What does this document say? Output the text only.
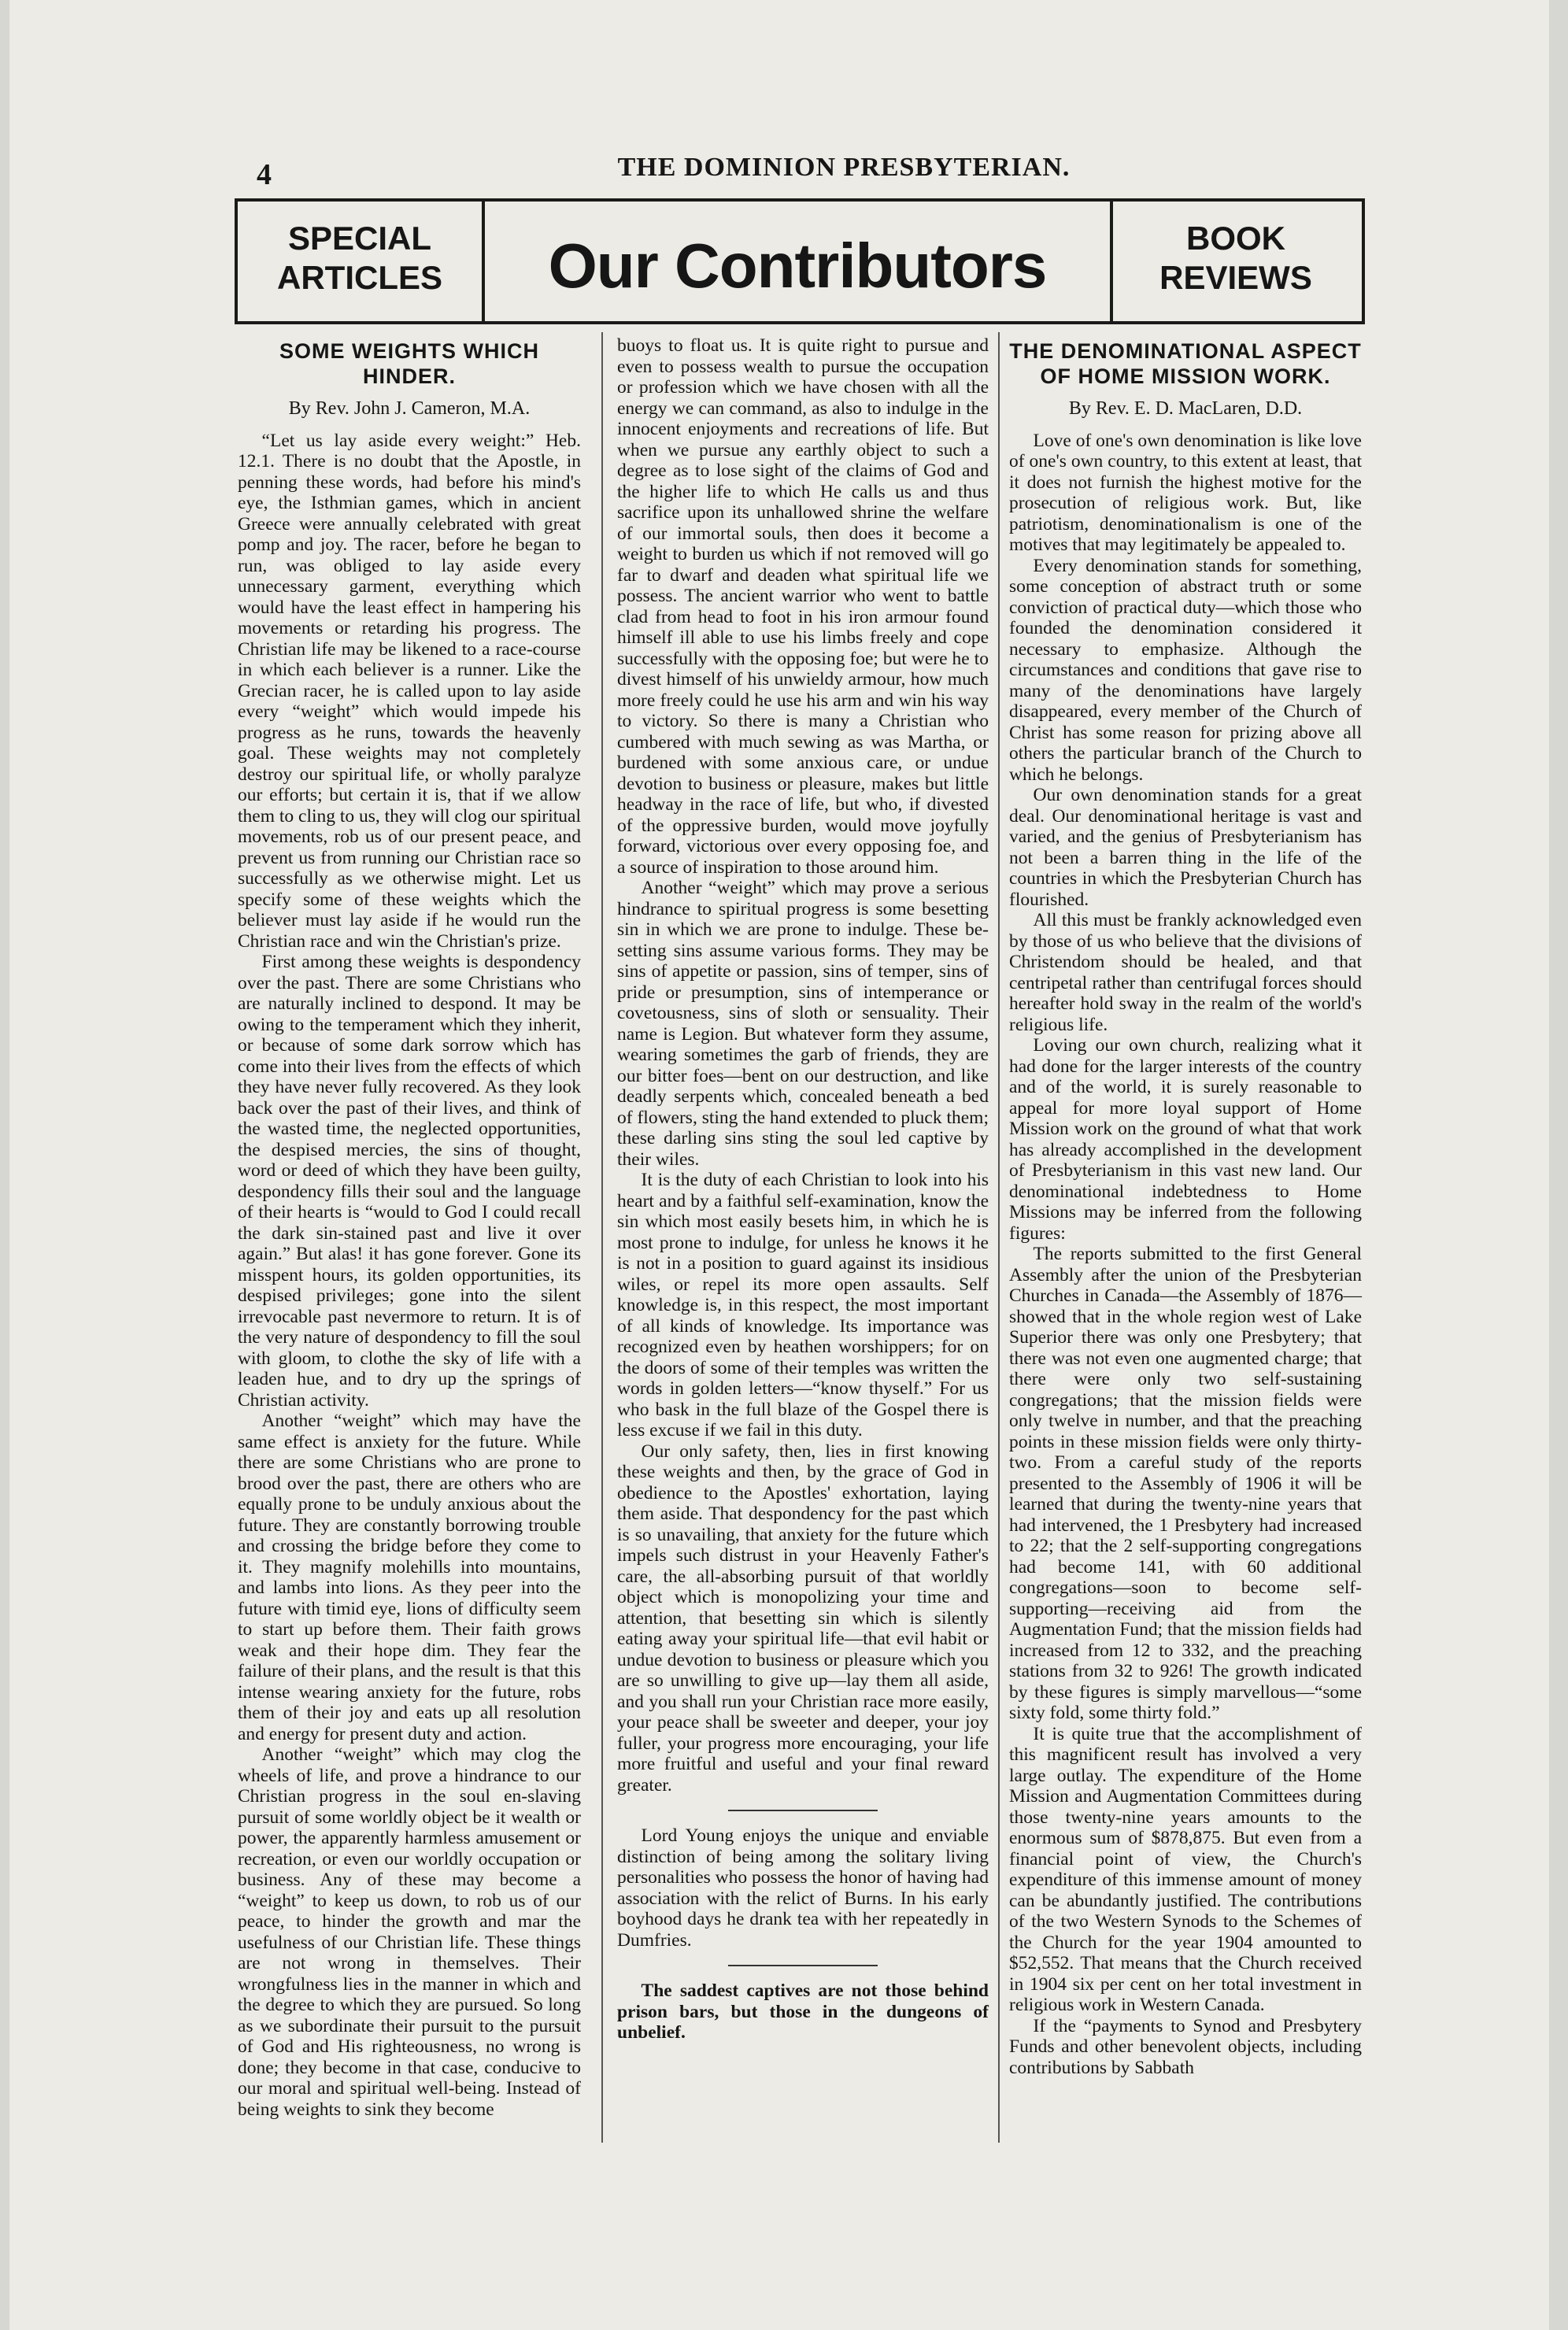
4	THE DOMINION PRESBYTERIAN.
SPECIAL
ARTICLES	Our Contributors	BOOK
REVIEWS
SOME WEIGHTS WHICH HINDER.
By Rev. John J. Cameron, M.A.

“Let us lay aside every weight:” Heb. 12.1. There is no doubt that the Apostle, in penning these words, had before his mind's eye, the Isthmian games, which in ancient Greece were annually celebrated with great pomp and joy. The racer, before he began to run, was obliged to lay aside every unnecessary garment, everything which would have the least effect in hampering his movements or retarding his progress. The Christian life may be likened to a race-course in which each believer is a runner. Like the Grecian racer, he is called upon to lay aside every “weight” which would impede his progress as he runs, towards the heavenly goal. These weights may not completely destroy our spiritual life, or wholly paralyze our efforts; but certain it is, that if we allow them to cling to us, they will clog our spiritual movements, rob us of our present peace, and prevent us from running our Christian race so successfully as we otherwise might. Let us specify some of these weights which the believer must lay aside if he would run the Christian race and win the Christian's prize.

First among these weights is despondency over the past. There are some Christians who are naturally inclined to despond. It may be owing to the temperament which they inherit, or because of some dark sorrow which has come into their lives from the effects of which they have never fully recovered. As they look back over the past of their lives, and think of the wasted time, the neglected opportunities, the despised mercies, the sins of thought, word or deed of which they have been guilty, despondency fills their soul and the language of their hearts is “would to God I could recall the dark sin-stained past and live it over again.” But alas! it has gone forever. Gone its misspent hours, its golden opportunities, its despised privileges; gone into the silent irrevocable past nevermore to return. It is of the very nature of despondency to fill the soul with gloom, to clothe the sky of life with a leaden hue, and to dry up the springs of Christian activity.

Another “weight” which may have the same effect is anxiety for the future. While there are some Christians who are prone to brood over the past, there are others who are equally prone to be unduly anxious about the future. They are constantly borrowing trouble and crossing the bridge before they come to it. They magnify molehills into mountains, and lambs into lions. As they peer into the future with timid eye, lions of difficulty seem to start up before them. Their faith grows weak and their hope dim. They fear the failure of their plans, and the result is that this intense wearing anxiety for the future, robs them of their joy and eats up all resolution and energy for present duty and action.

Another “weight” which may clog the wheels of life, and prove a hindrance to our Christian progress in the soul en-slaving pursuit of some worldly object be it wealth or power, the apparently harmless amusement or recreation, or even our worldly occupation or business. Any of these may become a “weight” to keep us down, to rob us of our peace, to hinder the growth and mar the usefulness of our Christian life. These things are not wrong in themselves. Their wrongfulness lies in the manner in which and the degree to which they are pursued. So long as we subordinate their pursuit to the pursuit of God and His righteousness, no wrong is done; they become in that case, conducive to our moral and spiritual well-being. Instead of being weights to sink they become

buoys to float us. It is quite right to pursue and even to possess wealth to pursue the occupation or profession which we have chosen with all the energy we can command, as also to indulge in the innocent enjoyments and recreations of life. But when we pursue any earthly object to such a degree as to lose sight of the claims of God and the higher life to which He calls us and thus sacrifice upon its unhallowed shrine the welfare of our immortal souls, then does it become a weight to burden us which if not removed will go far to dwarf and deaden what spiritual life we possess. The ancient warrior who went to battle clad from head to foot in his iron armour found himself ill able to use his limbs freely and cope successfully with the opposing foe; but were he to divest himself of his unwieldy armour, how much more freely could he use his arm and win his way to victory. So there is many a Christian who cumbered with much sewing as was Martha, or burdened with some anxious care, or undue devotion to business or pleasure, makes but little headway in the race of life, but who, if divested of the oppressive burden, would move joyfully forward, victorious over every opposing foe, and a source of inspiration to those around him.

Another “weight” which may prove a serious hindrance to spiritual progress is some besetting sin in which we are prone to indulge. These be-setting sins assume various forms. They may be sins of appetite or passion, sins of temper, sins of pride or presumption, sins of intemperance or covetousness, sins of sloth or sensuality. Their name is Legion. But whatever form they assume, wearing sometimes the garb of friends, they are our bitter foes—bent on our destruction, and like deadly serpents which, concealed beneath a bed of flowers, sting the hand extended to pluck them; these darling sins sting the soul led captive by their wiles.

It is the duty of each Christian to look into his heart and by a faithful self-examination, know the sin which most easily besets him, in which he is most prone to indulge, for unless he knows it he is not in a position to guard against its insidious wiles, or repel its more open assaults. Self knowledge is, in this respect, the most important of all kinds of knowledge. Its importance was recognized even by heathen worshippers; for on the doors of some of their temples was written the words in golden letters—“know thyself.” For us who bask in the full blaze of the Gospel there is less excuse if we fail in this duty.

Our only safety, then, lies in first knowing these weights and then, by the grace of God in obedience to the Apostles' exhortation, laying them aside. That despondency for the past which is so unavailing, that anxiety for the future which impels such distrust in your Heavenly Father's care, the all-absorbing pursuit of that worldly object which is monopolizing your time and attention, that besetting sin which is silently eating away your spiritual life—that evil habit or undue devotion to business or pleasure which you are so unwilling to give up—lay them all aside, and you shall run your Christian race more easily, your peace shall be sweeter and deeper, your joy fuller, your progress more encouraging, your life more fruitful and useful and your final reward greater.

Lord Young enjoys the unique and enviable distinction of being among the solitary living personalities who possess the honor of having had association with the relict of Burns. In his early boyhood days he drank tea with her repeatedly in Dumfries.

The saddest captives are not those behind prison bars, but those in the dungeons of unbelief.

THE DENOMINATIONAL ASPECT OF HOME MISSION WORK.
By Rev. E. D. MacLaren, D.D.

Love of one's own denomination is like love of one's own country, to this extent at least, that it does not furnish the highest motive for the prosecution of religious work. But, like patriotism, denominationalism is one of the motives that may legitimately be appealed to.

Every denomination stands for something, some conception of abstract truth or some conviction of practical duty—which those who founded the denomination considered it necessary to emphasize. Although the circumstances and conditions that gave rise to many of the denominations have largely disappeared, every member of the Church of Christ has some reason for prizing above all others the particular branch of the Church to which he belongs.

Our own denomination stands for a great deal. Our denominational heritage is vast and varied, and the genius of Presbyterianism has not been a barren thing in the life of the countries in which the Presbyterian Church has flourished.

All this must be frankly acknowledged even by those of us who believe that the divisions of Christendom should be healed, and that centripetal rather than centrifugal forces should hereafter hold sway in the realm of the world's religious life.

Loving our own church, realizing what it had done for the larger interests of the country and of the world, it is surely reasonable to appeal for more loyal support of Home Mission work on the ground of what that work has already accomplished in the development of Presbyterianism in this vast new land. Our denominational indebtedness to Home Missions may be inferred from the following figures:

The reports submitted to the first General Assembly after the union of the Presbyterian Churches in Canada—the Assembly of 1876—showed that in the whole region west of Lake Superior there was only one Presbytery; that there was not even one augmented charge; that there were only two self-sustaining congregations; that the mission fields were only twelve in number, and that the preaching points in these mission fields were only thirty-two. From a careful study of the reports presented to the Assembly of 1906 it will be learned that during the twenty-nine years that had intervened, the 1 Presbytery had increased to 22; that the 2 self-supporting congregations had become 141, with 60 additional congregations—soon to become self-supporting—receiving aid from the Augmentation Fund; that the mission fields had increased from 12 to 332, and the preaching stations from 32 to 926! The growth indicated by these figures is simply marvellous—“some sixty fold, some thirty fold.”

It is quite true that the accomplishment of this magnificent result has involved a very large outlay. The expenditure of the Home Mission and Augmentation Committees during those twenty-nine years amounts to the enormous sum of $878,875. But even from a financial point of view, the Church's expenditure of this immense amount of money can be abundantly justified. The contributions of the two Western Synods to the Schemes of the Church for the year 1904 amounted to $52,552. That means that the Church received in 1904 six per cent on her total investment in religious work in Western Canada.

If the “payments to Synod and Presbytery Funds and other benevolent objects, including contributions by Sabbath
